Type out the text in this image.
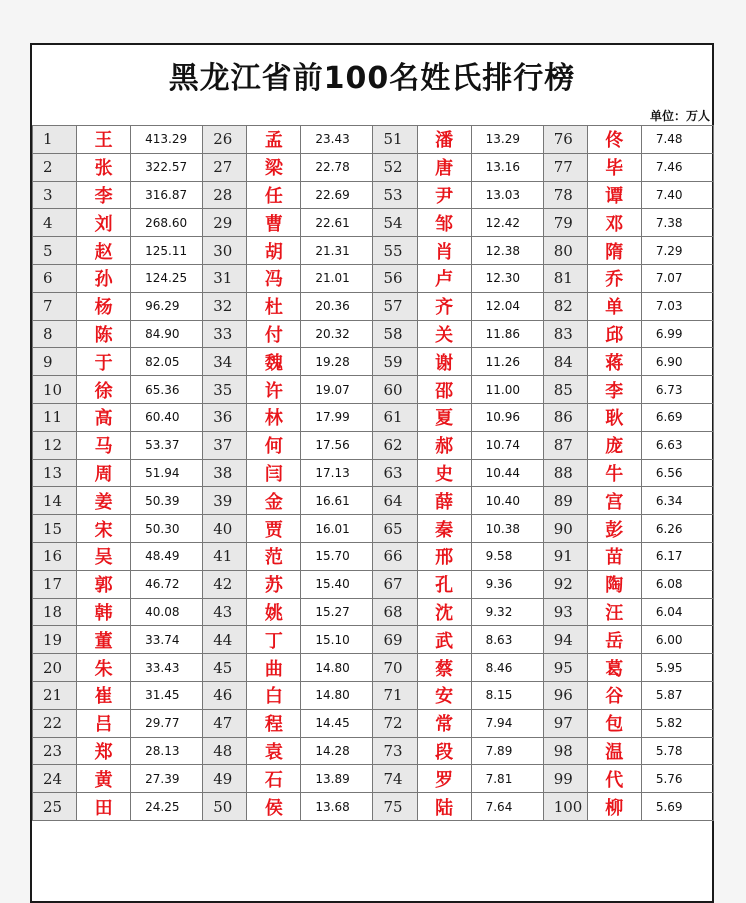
黑龙江省前100名姓氏排行榜
单位：万人
1	王	413.29	26	孟	23.43	51	潘	13.29	76	佟	7.48
2	张	322.57	27	梁	22.78	52	唐	13.16	77	毕	7.46
3	李	316.87	28	任	22.69	53	尹	13.03	78	谭	7.40
4	刘	268.60	29	曹	22.61	54	邹	12.42	79	邓	7.38
5	赵	125.11	30	胡	21.31	55	肖	12.38	80	隋	7.29
6	孙	124.25	31	冯	21.01	56	卢	12.30	81	乔	7.07
7	杨	96.29	32	杜	20.36	57	齐	12.04	82	单	7.03
8	陈	84.90	33	付	20.32	58	关	11.86	83	邱	6.99
9	于	82.05	34	魏	19.28	59	谢	11.26	84	蒋	6.90
10	徐	65.36	35	许	19.07	60	邵	11.00	85	李	6.73
11	高	60.40	36	林	17.99	61	夏	10.96	86	耿	6.69
12	马	53.37	37	何	17.56	62	郝	10.74	87	庞	6.63
13	周	51.94	38	闫	17.13	63	史	10.44	88	牛	6.56
14	姜	50.39	39	金	16.61	64	薛	10.40	89	宫	6.34
15	宋	50.30	40	贾	16.01	65	秦	10.38	90	彭	6.26
16	吴	48.49	41	范	15.70	66	邢	9.58	91	苗	6.17
17	郭	46.72	42	苏	15.40	67	孔	9.36	92	陶	6.08
18	韩	40.08	43	姚	15.27	68	沈	9.32	93	汪	6.04
19	董	33.74	44	丁	15.10	69	武	8.63	94	岳	6.00
20	朱	33.43	45	曲	14.80	70	蔡	8.46	95	葛	5.95
21	崔	31.45	46	白	14.80	71	安	8.15	96	谷	5.87
22	吕	29.77	47	程	14.45	72	常	7.94	97	包	5.82
23	郑	28.13	48	袁	14.28	73	段	7.89	98	温	5.78
24	黄	27.39	49	石	13.89	74	罗	7.81	99	代	5.76
25	田	24.25	50	侯	13.68	75	陆	7.64	100	柳	5.69
